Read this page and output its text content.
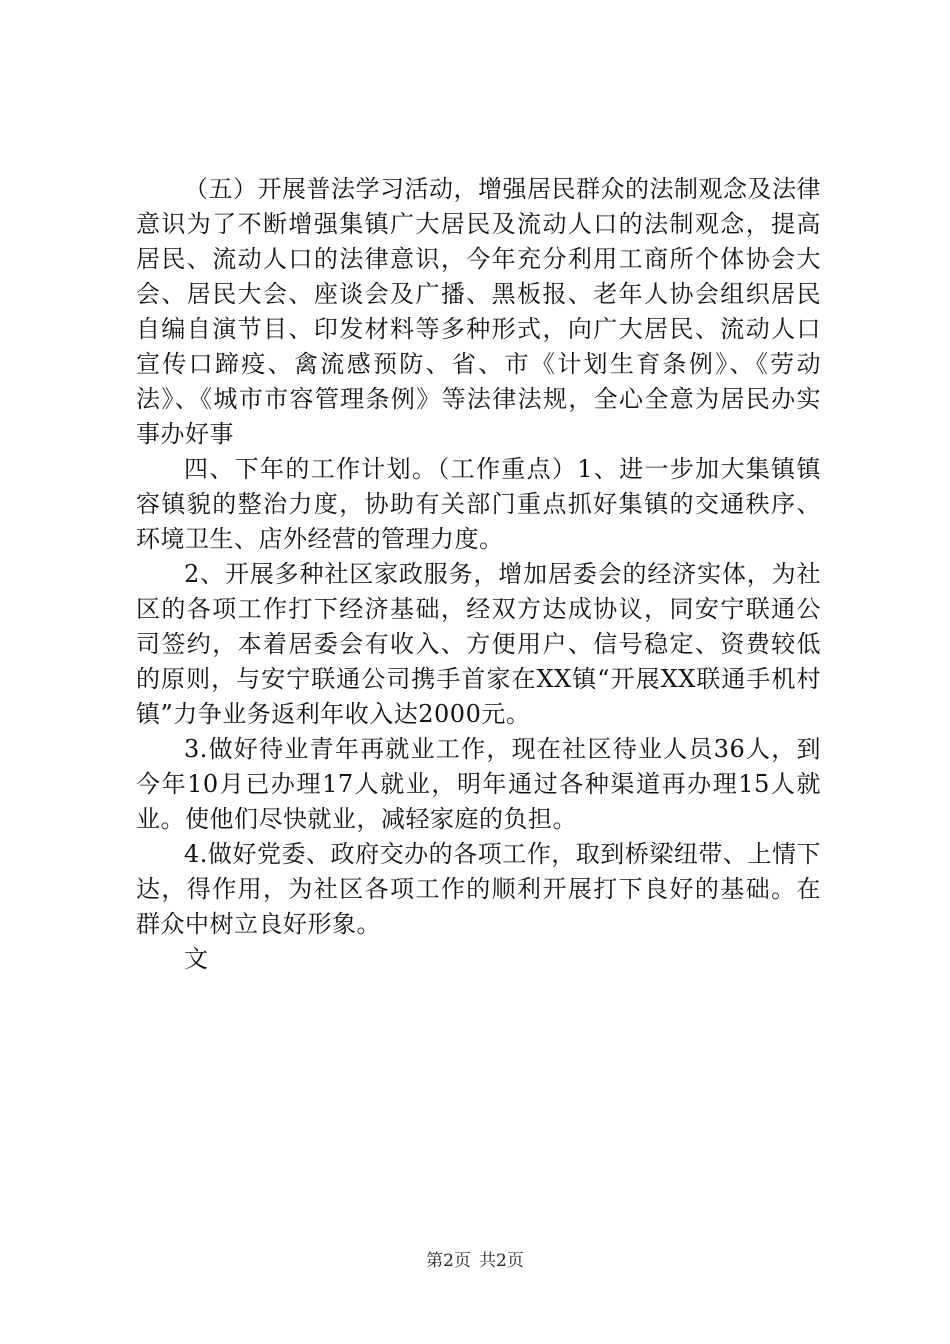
（五）开展普法学习活动，增强居民群众的法制观念及法律意识为了不断增强集镇广大居民及流动人口的法制观念，提高居民、流动人口的法律意识，今年充分利用工商所个体协会大会、居民大会、座谈会及广播、黑板报、老年人协会组织居民自编自演节目、印发材料等多种形式，向广大居民、流动人口宣传口蹄疫、禽流感预防、省、市《计划生育条例》、《劳动法》、《城市市容管理条例》等法律法规，全心全意为居民办实事办好事

四、下年的工作计划。（工作重点）1、进一步加大集镇镇容镇貌的整治力度，协助有关部门重点抓好集镇的交通秩序、环境卫生、店外经营的管理力度。

2、开展多种社区家政服务，增加居委会的经济实体，为社区的各项工作打下经济基础，经双方达成协议，同安宁联通公司签约，本着居委会有收入、方便用户、信号稳定、资费较低的原则，与安宁联通公司携手首家在XX镇“开展XX联通手机村镇”力争业务返利年收入达2000元。

3.做好待业青年再就业工作，现在社区待业人员36人，到今年10月已办理17人就业，明年通过各种渠道再办理15人就业。使他们尽快就业，减轻家庭的负担。

4.做好党委、政府交办的各项工作，取到桥梁纽带、上情下达，得作用，为社区各项工作的顺利开展打下良好的基础。在群众中树立良好形象。

文

第2页 共2页
